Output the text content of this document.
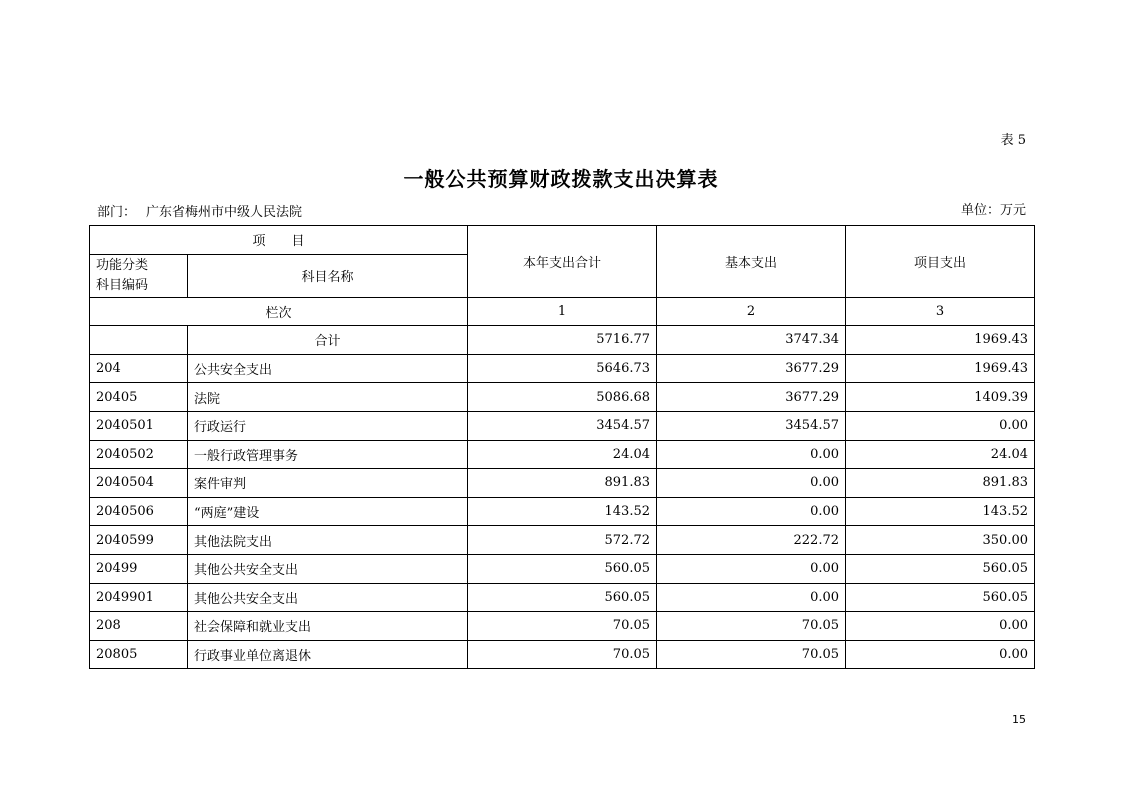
表 5
一般公共预算财政拨款支出决算表
部门： 广东省梅州市中级人民法院	单位：万元
项　　目		本年支出合计	基本支出	项目支出

功能分类
科目编码	科目名称			
栏次		1	2	3
	合计	5716.77	3747.34	1969.43
204	公共安全支出	5646.73	3677.29	1969.43
20405	法院	5086.68	3677.29	1409.39
2040501	行政运行	3454.57	3454.57	0.00
2040502	一般行政管理事务	24.04	0.00	24.04
2040504	案件审判	891.83	0.00	891.83
2040506	“两庭”建设	143.52	0.00	143.52
2040599	其他法院支出	572.72	222.72	350.00
20499	其他公共安全支出	560.05	0.00	560.05
2049901	其他公共安全支出	560.05	0.00	560.05
208	社会保障和就业支出	70.05	70.05	0.00
20805	行政事业单位离退休	70.05	70.05	0.00
15
